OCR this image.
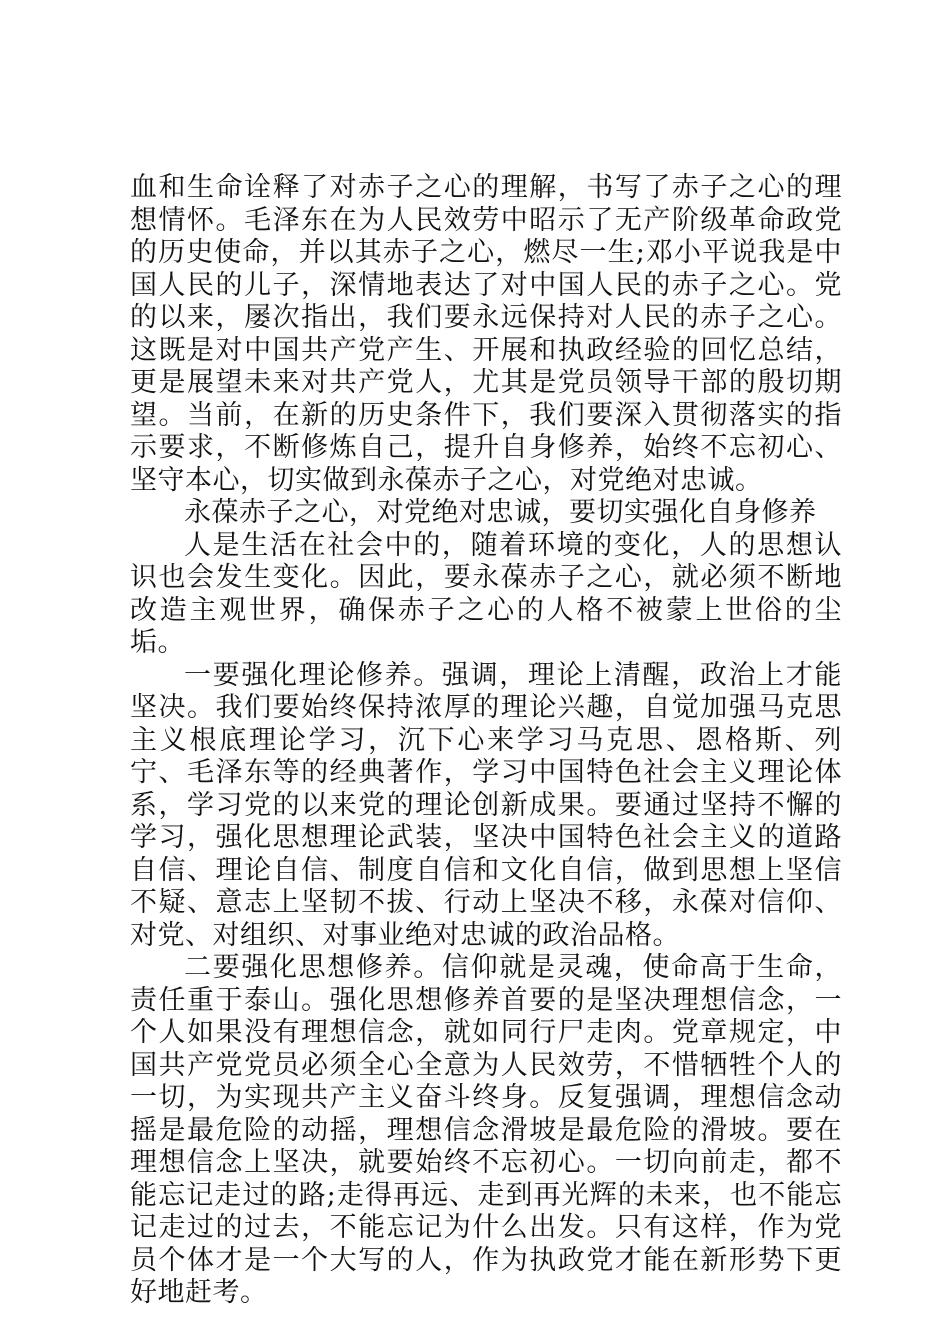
血和生命诠释了对赤子之心的理解，书写了赤子之心的理想情怀。毛泽东在为人民效劳中昭示了无产阶级革命政党的历史使命，并以其赤子之心，燃尽一生;邓小平说我是中国人民的儿子，深情地表达了对中国人民的赤子之心。党的以来，屡次指出，我们要永远保持对人民的赤子之心。这既是对中国共产党产生、开展和执政经验的回忆总结，更是展望未来对共产党人，尤其是党员领导干部的殷切期望。当前，在新的历史条件下，我们要深入贯彻落实的指示要求，不断修炼自己，提升自身修养，始终不忘初心、坚守本心，切实做到永葆赤子之心，对党绝对忠诚。

永葆赤子之心，对党绝对忠诚，要切实强化自身修养

人是生活在社会中的，随着环境的变化，人的思想认识也会发生变化。因此，要永葆赤子之心，就必须不断地改造主观世界，确保赤子之心的人格不被蒙上世俗的尘垢。

一要强化理论修养。强调，理论上清醒，政治上才能坚决。我们要始终保持浓厚的理论兴趣，自觉加强马克思主义根底理论学习，沉下心来学习马克思、恩格斯、列宁、毛泽东等的经典著作，学习中国特色社会主义理论体系，学习党的以来党的理论创新成果。要通过坚持不懈的学习，强化思想理论武装，坚决中国特色社会主义的道路自信、理论自信、制度自信和文化自信，做到思想上坚信不疑、意志上坚韧不拔、行动上坚决不移，永葆对信仰、对党、对组织、对事业绝对忠诚的政治品格。

二要强化思想修养。信仰就是灵魂，使命高于生命，责任重于泰山。强化思想修养首要的是坚决理想信念，一个人如果没有理想信念，就如同行尸走肉。党章规定，中国共产党党员必须全心全意为人民效劳，不惜牺牲个人的一切，为实现共产主义奋斗终身。反复强调，理想信念动摇是最危险的动摇，理想信念滑坡是最危险的滑坡。要在理想信念上坚决，就要始终不忘初心。一切向前走，都不能忘记走过的路;走得再远、走到再光辉的未来，也不能忘记走过的过去，不能忘记为什么出发。只有这样，作为党员个体才是一个大写的人，作为执政党才能在新形势下更好地赶考。
